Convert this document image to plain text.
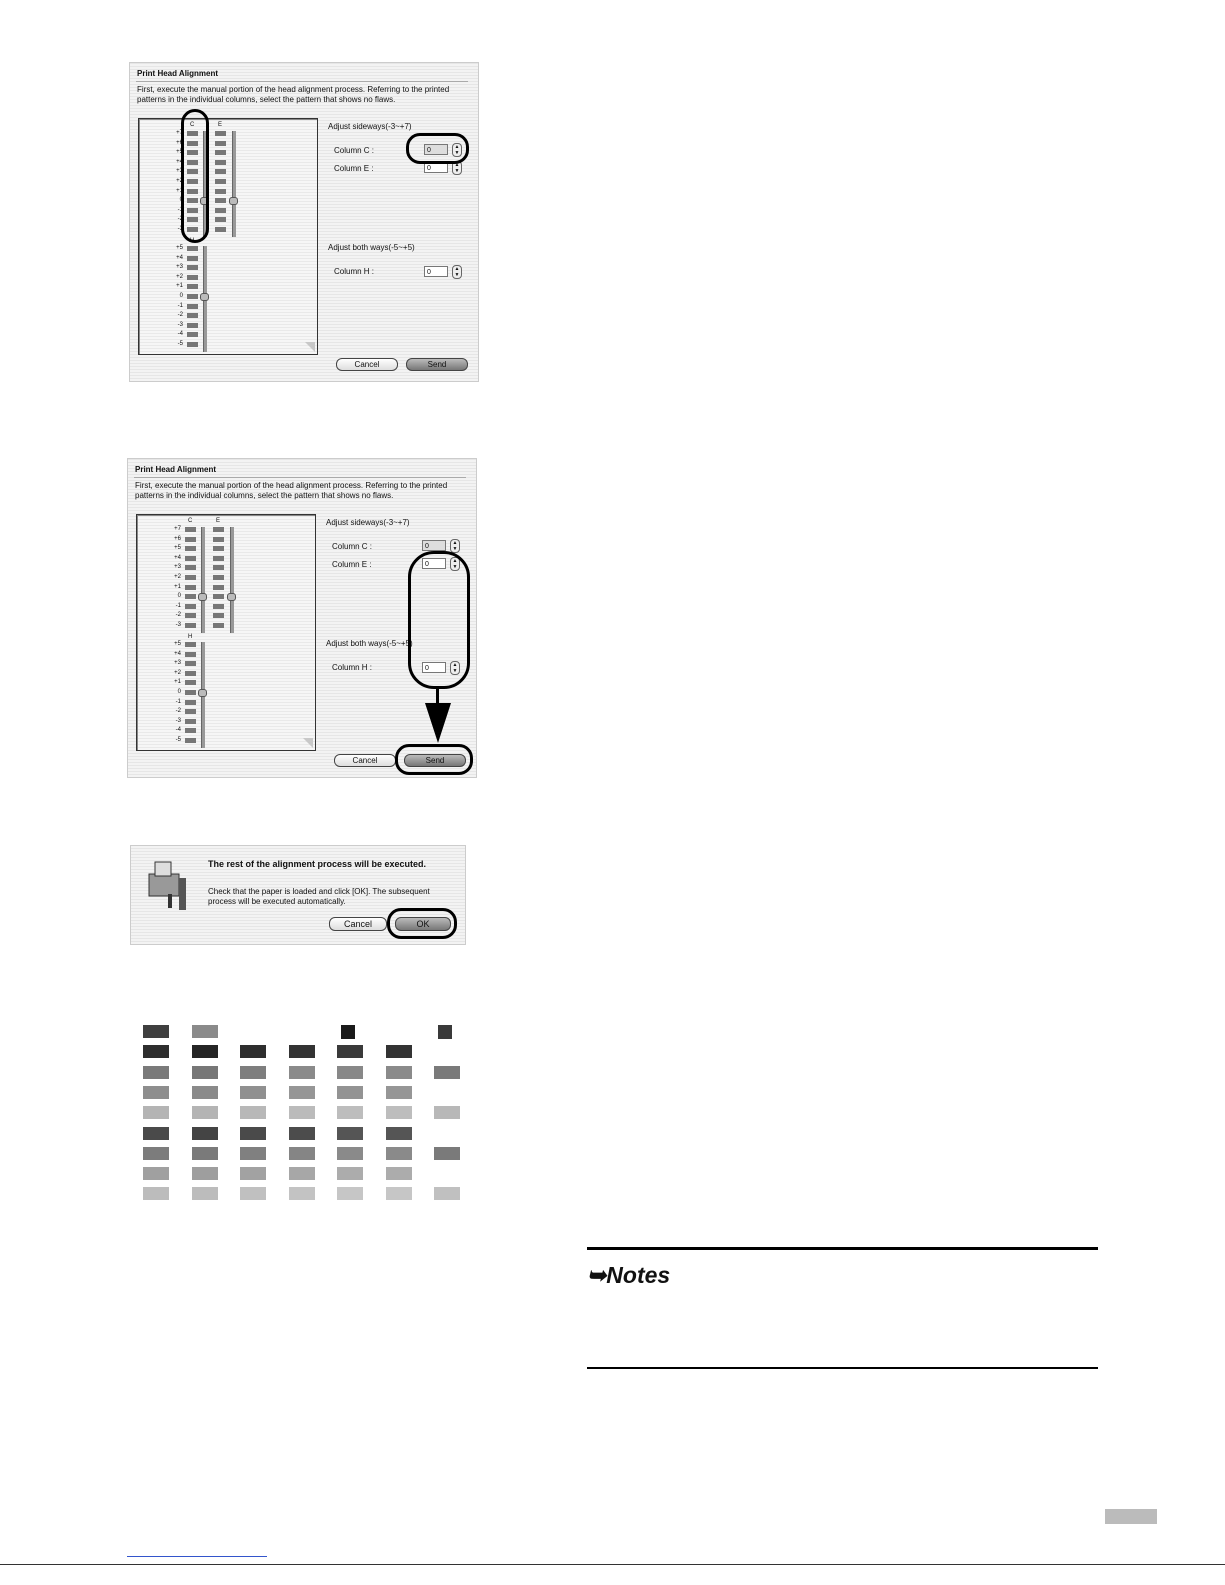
Print Head Alignment
First, execute the manual portion of the head alignment process. Referring to the printed patterns in the individual columns, select the pattern that shows no flaws.
C	E
+7
+6
+5
+4
+3
+2
+1
0
-1
-2
-3
H
+5
+4
+3
+2
+1
0
-1
-2
-3
-4
-5
Adjust sideways(-3~+7)
Column C :	0	▲
▼
Column E :	0	▲
▼
Adjust both ways(-5~+5)
Column H :	0	▲
▼
Cancel	Send
Print Head Alignment
First, execute the manual portion of the head alignment process. Referring to the printed patterns in the individual columns, select the pattern that shows no flaws.
C	E
+7
+6
+5
+4
+3
+2
+1
0
-1
-2
-3
H
+5
+4
+3
+2
+1
0
-1
-2
-3
-4
-5
Adjust sideways(-3~+7)
Column C :	0	▲
▼
Column E :	0	▲
▼
Adjust both ways(-5~+5)
Column H :	0	▲
▼
Cancel	Send
The rest of the alignment process will be executed.
Check that the paper is loaded and click [OK]. The subsequent process will be executed automatically.
Cancel	OK
➥Notes
